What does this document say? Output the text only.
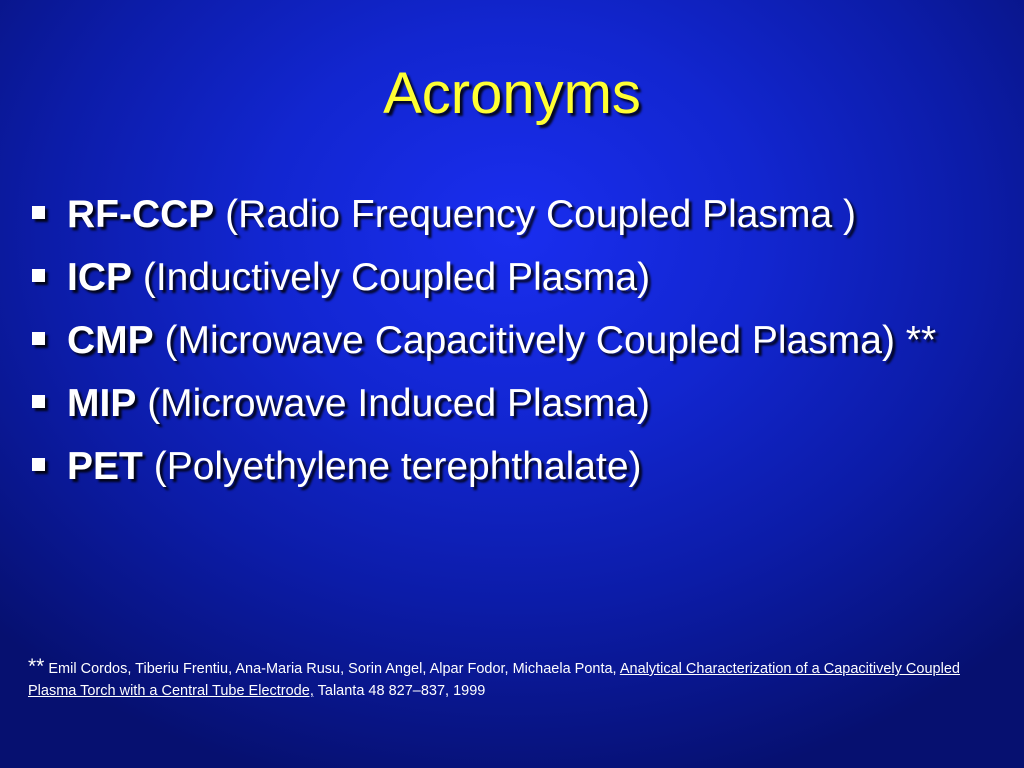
Acronyms
RF-CCP (Radio Frequency Coupled Plasma )
ICP (Inductively Coupled Plasma)
CMP (Microwave Capacitively Coupled Plasma) **
MIP (Microwave Induced Plasma)
PET (Polyethylene terephthalate)
** Emil Cordos, Tiberiu Frentiu, Ana-Maria Rusu, Sorin Angel, Alpar Fodor, Michaela Ponta, Analytical Characterization of a Capacitively Coupled Plasma Torch with a Central Tube Electrode, Talanta 48 827–837, 1999
